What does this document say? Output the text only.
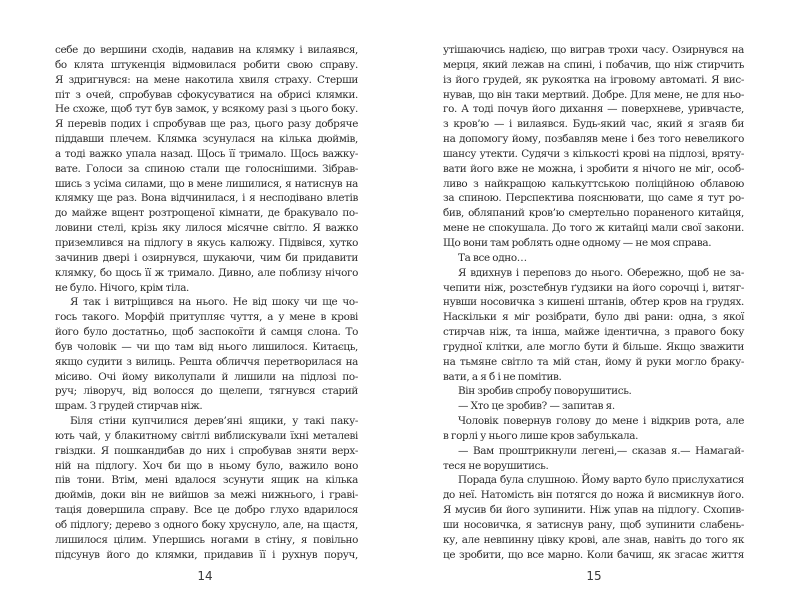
себе до вершини сходів, надавив на клямку і вилаявся,
бо клята штукенція відмовилася робити свою справу.
Я здригнувся: на мене накотила хвиля страху. Стерши
піт з очей, спробував сфокусуватися на обрисі клямки.
Не схоже, щоб тут був замок, у всякому разі з цього боку.
Я перевів подих і спробував ще раз, цього разу добряче
піддавши плечем. Клямка зсунулася на кілька дюймів,
а тоді важко упала назад. Щось її тримало. Щось важку-
вате. Голоси за спиною стали ще голоснішими. Зібрав-
шись з усіма силами, що в мене лишилися, я натиснув на
клямку ще раз. Вона відчинилася, і я несподівано влетів
до майже вщент розтрощеної кімнати, де бракувало по-
ловини стелі, крізь яку лилося місячне світло. Я важко
приземлився на підлогу в якусь калюжу. Підвівся, хутко
зачинив двері і озирнувся, шукаючи, чим би придавити
клямку, бо щось її ж тримало. Дивно, але поблизу нічого
не було. Нічого, крім тіла.
Я так і витріщився на нього. Не від шоку чи ще чо-
гось такого. Морфій притупляє чуття, а у мене в крові
його було достатньо, щоб заспокоїти й самця слона. То
був чоловік — чи що там від нього лишилося. Китаєць,
якщо судити з вилиць. Решта обличчя перетворилася на
місиво. Очі йому виколупали й лишили на підлозі по-
руч; ліворуч, від волосся до щелепи, тягнувся старий
шрам. З грудей стирчав ніж.
Біля стіни купчилися дерев’яні ящики, у такі паку-
ють чай, у блакитному світлі виблискували їхні металеві
гвіздки. Я пошкандибав до них і спробував зняти верх-
ній на підлогу. Хоч би що в ньому було, важило воно
пів тони. Втім, мені вдалося зсунути ящик на кілька
дюймів, доки він не вийшов за межі нижнього, і граві-
тація довершила справу. Все це добро глухо вдарилося
об підлогу; дерево з одного боку хруснуло, але, на щастя,
лишилося цілим. Упершись ногами в стіну, я повільно
підсунув його до клямки, придавив її і рухнув поруч,
14
утішаючись надією, що виграв трохи часу. Озирнувся на
мерця, який лежав на спині, і побачив, що ніж стирчить
із його грудей, як рукоятка на ігровому автоматі. Я вис-
нував, що він таки мертвий. Добре. Для мене, не для ньо-
го. А тоді почув його дихання — поверхневе, уривчасте,
з кров’ю — і вилаявся. Будь-який час, який я згаяв би
на допомогу йому, позбавляв мене і без того невеликого
шансу утекти. Судячи з кількості крові на підлозі, вряту-
вати його вже не можна, і зробити я нічого не міг, особ-
ливо з найкращою калькуттською поліційною облавою
за спиною. Перспектива пояснювати, що саме я тут ро-
бив, обляпаний кров’ю смертельно пораненого китайця,
мене не спокушала. До того ж китайці мали свої закони.
Що вони там роблять одне одному — не моя справа.
Та все одно…
Я вдихнув і переповз до нього. Обережно, щоб не за-
чепити ніж, розстебнув ґудзики на його сорочці і, витяг-
нувши носовичка з кишені штанів, обтер кров на грудях.
Наскільки я міг розібрати, було дві рани: одна, з якої
стирчав ніж, та інша, майже ідентична, з правого боку
грудної клітки, але могло бути й більше. Якщо зважити
на тьмяне світло та мій стан, йому й руки могло браку-
вати, а я б і не помітив.
Він зробив спробу поворушитись.
— Хто це зробив? — запитав я.
Чоловік повернув голову до мене і відкрив рота, але
в горлі у нього лише кров забулькала.
— Вам проштрикнули легені,— сказав я.— Намагай-
теся не ворушитись.
Порада була слушною. Йому варто було прислухатися
до неї. Натомість він потягся до ножа й висмикнув його.
Я мусив би його зупинити. Ніж упав на підлогу. Схопив-
ши носовичка, я затиснув рану, щоб зупинити слабень-
ку, але невпинну цівку крові, але знав, навіть до того як
це зробити, що все марно. Коли бачиш, як згасає життя
15
